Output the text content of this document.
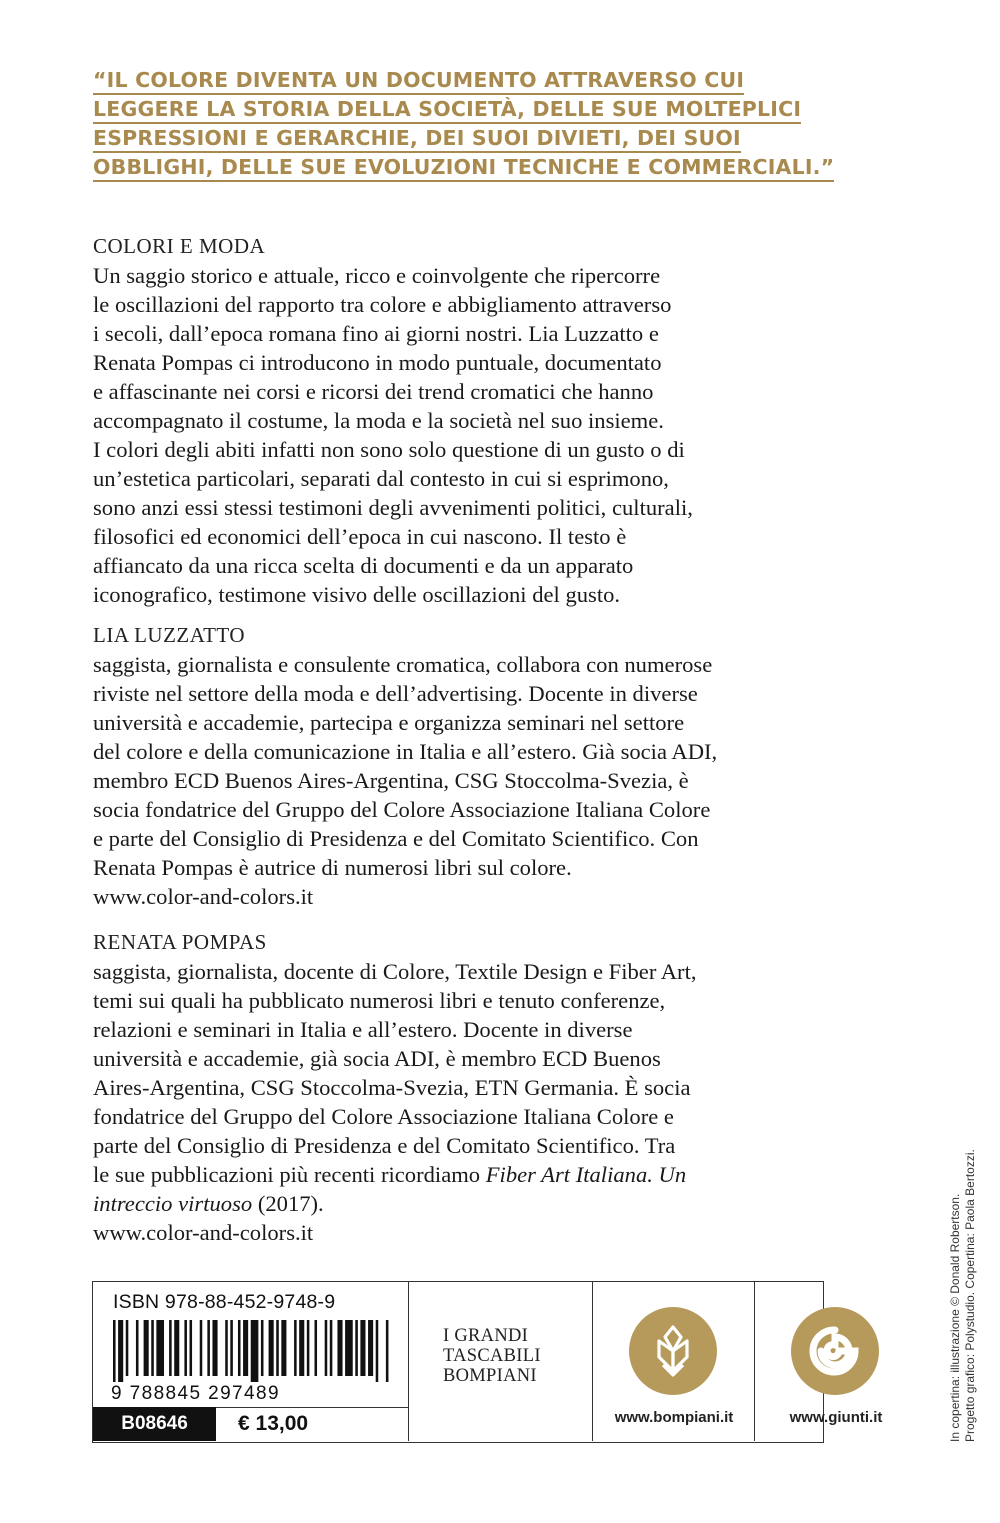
“IL COLORE DIVENTA UN DOCUMENTO ATTRAVERSO CUI
LEGGERE LA STORIA DELLA SOCIETÀ, DELLE SUE MOLTEPLICI
ESPRESSIONI E GERARCHIE, DEI SUOI DIVIETI, DEI SUOI
OBBLIGHI, DELLE SUE EVOLUZIONI TECNICHE E COMMERCIALI.”
COLORI E MODA
Un saggio storico e attuale, ricco e coinvolgente che ripercorre
le oscillazioni del rapporto tra colore e abbigliamento attraverso
i secoli, dall’epoca romana fino ai giorni nostri. Lia Luzzatto e
Renata Pompas ci introducono in modo puntuale, documentato
e affascinante nei corsi e ricorsi dei trend cromatici che hanno
accompagnato il costume, la moda e la società nel suo insieme.
I colori degli abiti infatti non sono solo questione di un gusto o di
un’estetica particolari, separati dal contesto in cui si esprimono,
sono anzi essi stessi testimoni degli avvenimenti politici, culturali,
filosofici ed economici dell’epoca in cui nascono. Il testo è
affiancato da una ricca scelta di documenti e da un apparato
iconografico, testimone visivo delle oscillazioni del gusto.
LIA LUZZATTO
saggista, giornalista e consulente cromatica, collabora con numerose
riviste nel settore della moda e dell’advertising. Docente in diverse
università e accademie, partecipa e organizza seminari nel settore
del colore e della comunicazione in Italia e all’estero. Già socia ADI,
membro ECD Buenos Aires-Argentina, CSG Stoccolma-Svezia, è
socia fondatrice del Gruppo del Colore Associazione Italiana Colore
e parte del Consiglio di Presidenza e del Comitato Scientifico. Con
Renata Pompas è autrice di numerosi libri sul colore.
www.color-and-colors.it
RENATA POMPAS
saggista, giornalista, docente di Colore, Textile Design e Fiber Art,
temi sui quali ha pubblicato numerosi libri e tenuto conferenze,
relazioni e seminari in Italia e all’estero. Docente in diverse
università e accademie, già socia ADI, è membro ECD Buenos
Aires-Argentina, CSG Stoccolma-Svezia, ETN Germania. È socia
fondatrice del Gruppo del Colore Associazione Italiana Colore e
parte del Consiglio di Presidenza e del Comitato Scientifico. Tra
le sue pubblicazioni più recenti ricordiamo Fiber Art Italiana. Un
intreccio virtuoso (2017).
www.color-and-colors.it
ISBN 978-88-452-9748-9
9 788845 297489
B08646	€ 13,00
I GRANDI
TASCABILI
BOMPIANI
www.bompiani.it	www.giunti.it	In copertina: illustrazione © Donald Robertson. Progetto grafico: Polystudio. Copertina: Paola Bertozzi.
